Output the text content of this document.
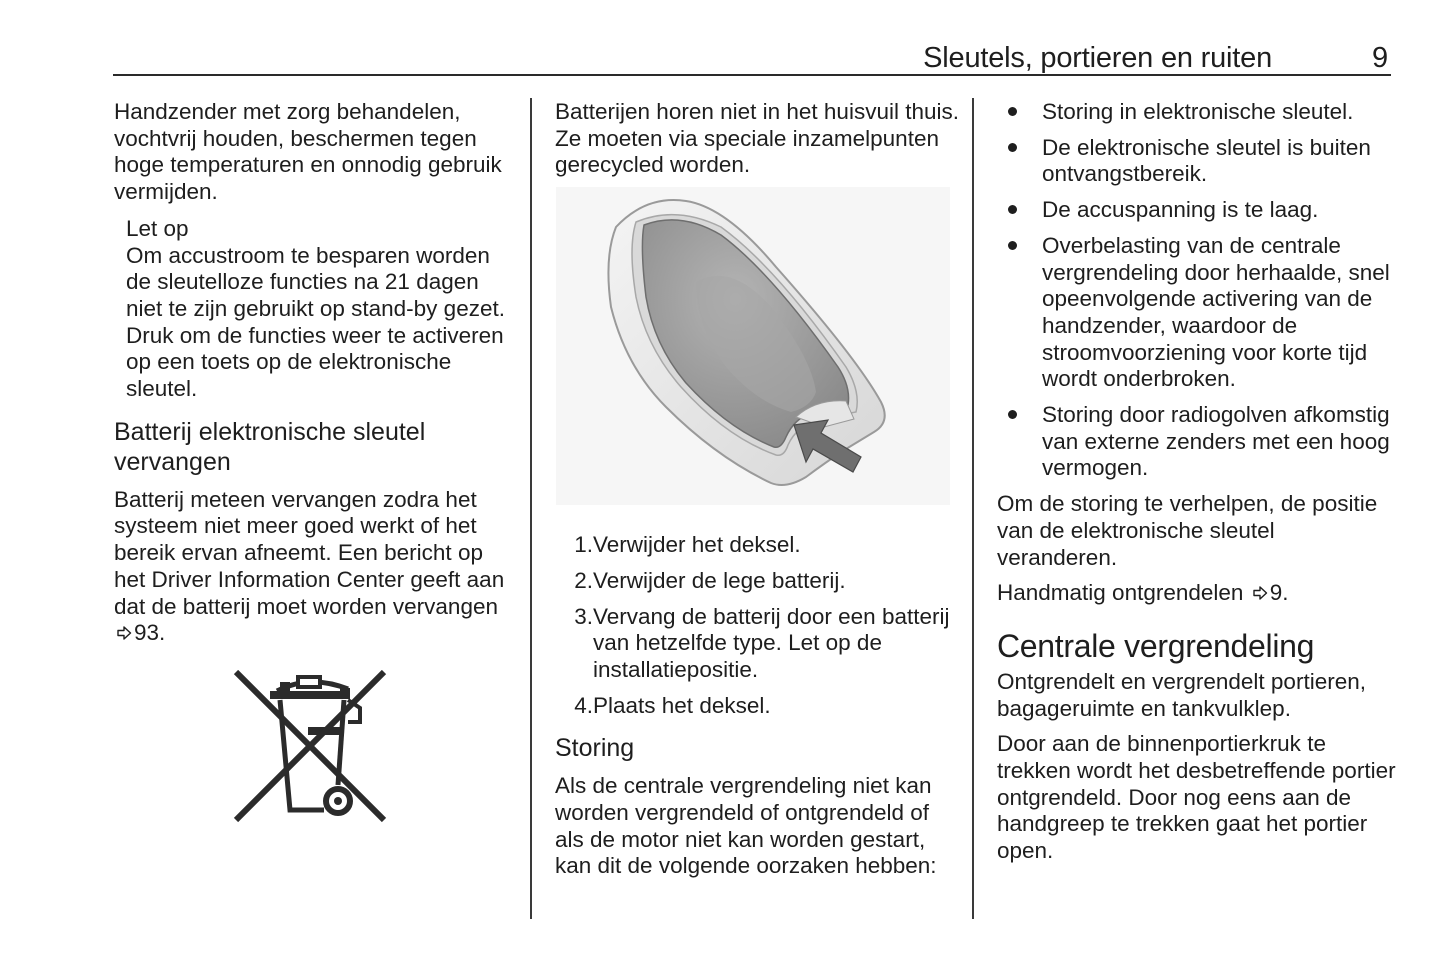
Sleutels, portieren en ruiten	9

Handzender met zorg behandelen, vochtvrij houden, beschermen tegen hoge temperaturen en onnodig gebruik vermijden.

Let op
Om accustroom te besparen worden de sleutelloze functies na 21 dagen niet te zijn gebruikt op stand-by gezet. Druk om de functies weer te activeren op een toets op de elektronische sleutel.
Batterij elektronische sleutel vervangen

Batterij meteen vervangen zodra het systeem niet meer goed werkt of het bereik ervan afneemt. Een bericht op het Driver Information Center geeft aan dat de batterij moet worden vervangen 93.

Batterijen horen niet in het huisvuil thuis. Ze moeten via speciale inzamelpunten gerecycled worden.

1. Verwijder het deksel.
2. Verwijder de lege batterij.
3. Vervang de batterij door een batterij van hetzelfde type. Let op de installatiepositie.
4. Plaats het deksel.
Storing

Als de centrale vergrendeling niet kan worden vergrendeld of ontgrendeld of als de motor niet kan worden gestart, kan dit de volgende oorzaken hebben:

Storing in elektronische sleutel.
De elektronische sleutel is buiten ontvangstbereik.
De accuspanning is te laag.
Overbelasting van de centrale vergrendeling door herhaalde, snel opeenvolgende activering van de handzender, waardoor de stroomvoorziening voor korte tijd wordt onderbroken.
Storing door radiogolven afkomstig van externe zenders met een hoog vermogen.

Om de storing te verhelpen, de positie van de elektronische sleutel veranderen.

Handmatig ontgrendelen 9.

Centrale vergrendeling

Ontgrendelt en vergrendelt portieren, bagageruimte en tankvulklep.

Door aan de binnenportierkruk te trekken wordt het desbetreffende portier ontgrendeld. Door nog eens aan de handgreep te trekken gaat het portier open.
